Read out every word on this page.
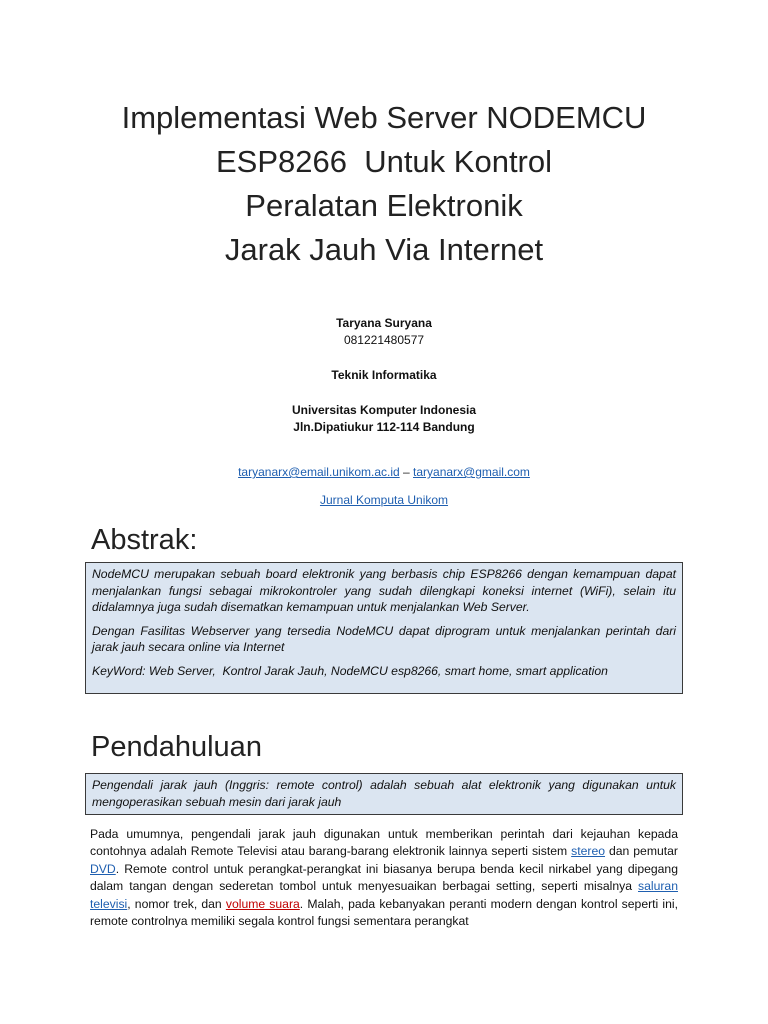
Implementasi Web Server NODEMCU
ESP8266  Untuk Kontrol
Peralatan Elektronik
Jarak Jauh Via Internet
Taryana Suryana
081221480577
Teknik Informatika
Universitas Komputer Indonesia
Jln.Dipatiukur 112-114 Bandung
taryanarx@email.unikom.ac.id – taryanarx@gmail.com
Jurnal Komputa Unikom
Abstrak:

NodeMCU merupakan sebuah board elektronik yang berbasis chip ESP8266 dengan kemampuan dapat menjalankan fungsi sebagai mikrokontroler yang sudah dilengkapi koneksi internet (WiFi), selain itu didalamnya juga sudah disematkan kemampuan untuk menjalankan Web Server.

Dengan Fasilitas Webserver yang tersedia NodeMCU dapat diprogram untuk menjalankan perintah dari jarak jauh secara online via Internet

KeyWord: Web Server,  Kontrol Jarak Jauh, NodeMCU esp8266, smart home, smart application

Pendahuluan

Pengendali jarak jauh (Inggris: remote control) adalah sebuah alat elektronik yang digunakan untuk mengoperasikan sebuah mesin dari jarak jauh

Pada umumnya, pengendali jarak jauh digunakan untuk memberikan perintah dari kejauhan kepada contohnya adalah Remote Televisi atau barang-barang elektronik lainnya seperti sistem stereo dan pemutar DVD. Remote control untuk perangkat-perangkat ini biasanya berupa benda kecil nirkabel yang dipegang dalam tangan dengan sederetan tombol untuk menyesuaikan berbagai setting, seperti misalnya saluran televisi, nomor trek, dan volume suara. Malah, pada kebanyakan peranti modern dengan kontrol seperti ini, remote controlnya memiliki segala kontrol fungsi sementara perangkat
